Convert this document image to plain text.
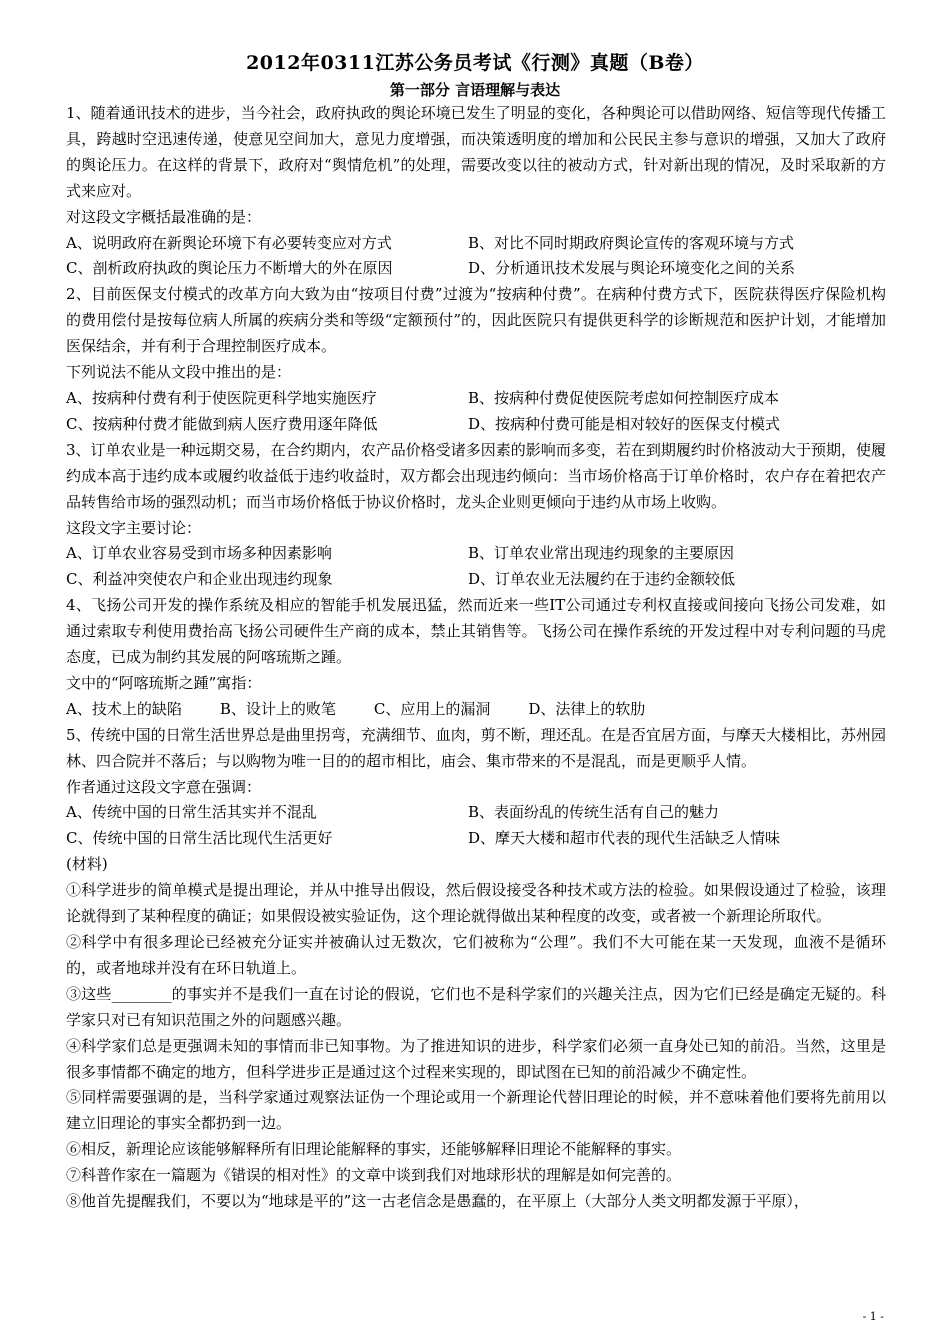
2012年0311江苏公务员考试《行测》真题（B卷）
第一部分 言语理解与表达

1、随着通讯技术的进步，当今社会，政府执政的舆论环境已发生了明显的变化，各种舆论可以借助网络、短信等现代传播工具，跨越时空迅速传递，使意见空间加大，意见力度增强，而决策透明度的增加和公民民主参与意识的增强，又加大了政府的舆论压力。在这样的背景下，政府对“舆情危机”的处理，需要改变以往的被动方式，针对新出现的情况，及时采取新的方式来应对。

对这段文字概括最准确的是：

A、说明政府在新舆论环境下有必要转变应对方式	B、对比不同时期政府舆论宣传的客观环境与方式
C、剖析政府执政的舆论压力不断增大的外在原因	D、分析通讯技术发展与舆论环境变化之间的关系

2、目前医保支付模式的改革方向大致为由“按项目付费”过渡为“按病种付费”。在病种付费方式下，医院获得医疗保险机构的费用偿付是按每位病人所属的疾病分类和等级“定额预付”的，因此医院只有提供更科学的诊断规范和医护计划，才能增加医保结余，并有利于合理控制医疗成本。

下列说法不能从文段中推出的是：

A、按病种付费有利于使医院更科学地实施医疗	B、按病种付费促使医院考虑如何控制医疗成本
C、按病种付费才能做到病人医疗费用逐年降低	D、按病种付费可能是相对较好的医保支付模式

3、订单农业是一种远期交易，在合约期内，农产品价格受诸多因素的影响而多变，若在到期履约时价格波动大于预期，使履约成本高于违约成本或履约收益低于违约收益时，双方都会出现违约倾向：当市场价格高于订单价格时，农户存在着把农产品转售给市场的强烈动机；而当市场价格低于协议价格时，龙头企业则更倾向于违约从市场上收购。

这段文字主要讨论：

A、订单农业容易受到市场多种因素影响	B、订单农业常出现违约现象的主要原因
C、利益冲突使农户和企业出现违约现象	D、订单农业无法履约在于违约金额较低

4、飞扬公司开发的操作系统及相应的智能手机发展迅猛，然而近来一些IT公司通过专利权直接或间接向飞扬公司发难，如通过索取专利使用费抬高飞扬公司硬件生产商的成本，禁止其销售等。飞扬公司在操作系统的开发过程中对专利问题的马虎态度，已成为制约其发展的阿喀琉斯之踵。

文中的“阿喀琉斯之踵”寓指：

A、技术上的缺陷	B、设计上的败笔	C、应用上的漏洞	D、法律上的软肋

5、传统中国的日常生活世界总是曲里拐弯，充满细节、血肉，剪不断，理还乱。在是否宜居方面，与摩天大楼相比，苏州园林、四合院并不落后；与以购物为唯一目的的超市相比，庙会、集市带来的不是混乱，而是更顺乎人情。

作者通过这段文字意在强调：

A、传统中国的日常生活其实并不混乱	B、表面纷乱的传统生活有自己的魅力
C、传统中国的日常生活比现代生活更好	D、摩天大楼和超市代表的现代生活缺乏人情味

(材料)

①科学进步的简单模式是提出理论，并从中推导出假设，然后假设接受各种技术或方法的检验。如果假设通过了检验，该理论就得到了某种程度的确证；如果假设被实验证伪，这个理论就得做出某种程度的改变，或者被一个新理论所取代。

②科学中有很多理论已经被充分证实并被确认过无数次，它们被称为“公理”。我们不大可能在某一天发现，血液不是循环的，或者地球并没有在环日轨道上。

③这些________的事实并不是我们一直在讨论的假说，它们也不是科学家们的兴趣关注点，因为它们已经是确定无疑的。科学家只对已有知识范围之外的问题感兴趣。

④科学家们总是更强调未知的事情而非已知事物。为了推进知识的进步，科学家们必须一直身处已知的前沿。当然，这里是很多事情都不确定的地方，但科学进步正是通过这个过程来实现的，即试图在已知的前沿减少不确定性。

⑤同样需要强调的是，当科学家通过观察法证伪一个理论或用一个新理论代替旧理论的时候，并不意味着他们要将先前用以建立旧理论的事实全都扔到一边。

⑥相反，新理论应该能够解释所有旧理论能解释的事实，还能够解释旧理论不能解释的事实。

⑦科普作家在一篇题为《错误的相对性》的文章中谈到我们对地球形状的理解是如何完善的。

⑧他首先提醒我们，不要以为“地球是平的”这一古老信念是愚蠢的，在平原上（大部分人类文明都发源于平原），

- 1 -
